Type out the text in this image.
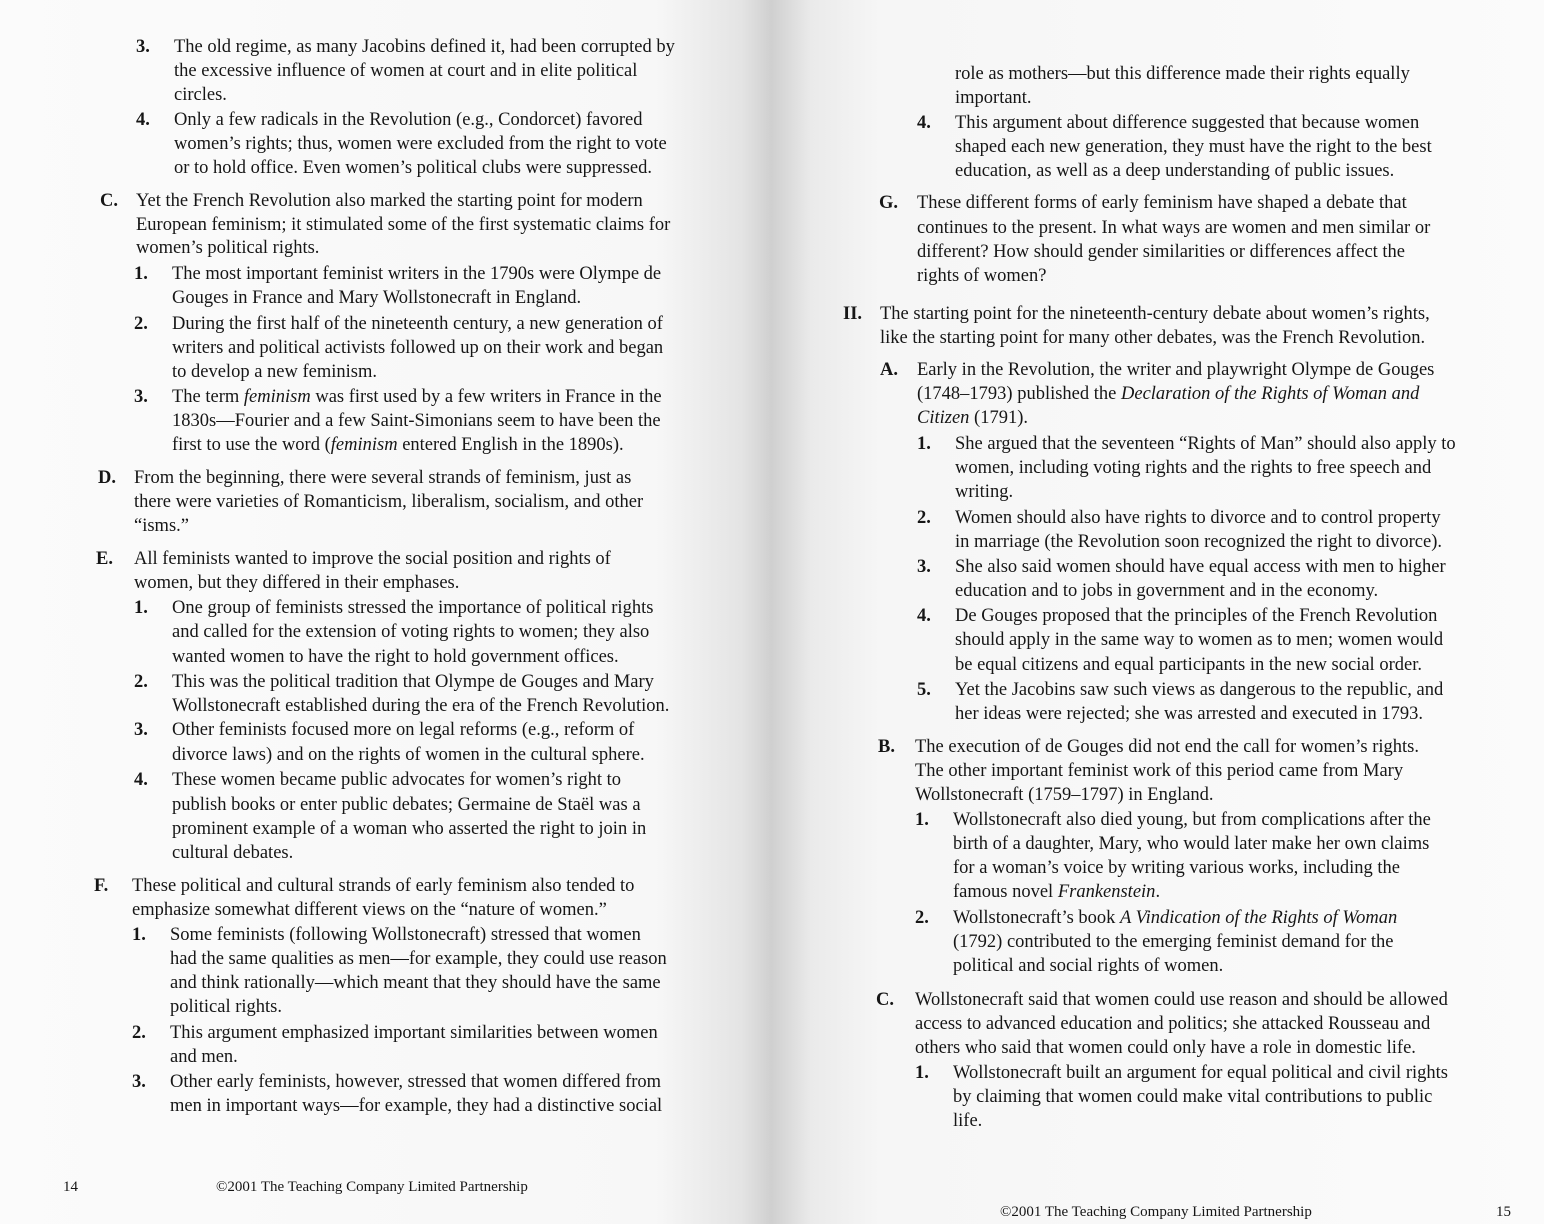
©2001 The Teaching Company Limited Partnership
14
3. The old regime, as many Jacobins defined it, had been corrupted by
the excessive influence of women at court and in elite political
circles.
4. Only a few radicals in the Revolution (e.g., Condorcet) favored
women’s rights; thus, women were excluded from the right to vote
or to hold office. Even women’s political clubs were suppressed.
C. Yet the French Revolution also marked the starting point for modern
European feminism; it stimulated some of the first systematic claims for
women’s political rights.
1. The most important feminist writers in the 1790s were Olympe de
Gouges in France and Mary Wollstonecraft in England.
2. During the first half of the nineteenth century, a new generation of
writers and political activists followed up on their work and began
to develop a new feminism.
3. The term feminism was first used by a few writers in France in the
1830s—Fourier and a few Saint-Simonians seem to have been the
first to use the word (feminism entered English in the 1890s).
D. From the beginning, there were several strands of feminism, just as
there were varieties of Romanticism, liberalism, socialism, and other
“isms.”
E. All feminists wanted to improve the social position and rights of
women, but they differed in their emphases.
1. One group of feminists stressed the importance of political rights
and called for the extension of voting rights to women; they also
wanted women to have the right to hold government offices.
2. This was the political tradition that Olympe de Gouges and Mary
Wollstonecraft established during the era of the French Revolution.
3. Other feminists focused more on legal reforms (e.g., reform of
divorce laws) and on the rights of women in the cultural sphere.
4. These women became public advocates for women’s right to
publish books or enter public debates; Germaine de Staël was a
prominent example of a woman who asserted the right to join in
cultural debates.
F. These political and cultural strands of early feminism also tended to
emphasize somewhat different views on the “nature of women.”
1. Some feminists (following Wollstonecraft) stressed that women
had the same qualities as men—for example, they could use reason
and think rationally—which meant that they should have the same
political rights.
2. This argument emphasized important similarities between women
and men.
3. Other early feminists, however, stressed that women differed from
men in important ways—for example, they had a distinctive social
©2001 The Teaching Company Limited Partnership	15
role as mothers—but this difference made their rights equally
important.
4. This argument about difference suggested that because women
shaped each new generation, they must have the right to the best
education, as well as a deep understanding of public issues.
G. These different forms of early feminism have shaped a debate that
continues to the present. In what ways are women and men similar or
different? How should gender similarities or differences affect the
rights of women?
II. The starting point for the nineteenth-century debate about women’s rights,
like the starting point for many other debates, was the French Revolution.
A. Early in the Revolution, the writer and playwright Olympe de Gouges
(1748–1793) published the Declaration of the Rights of Woman and
Citizen (1791).
1. She argued that the seventeen “Rights of Man” should also apply to
women, including voting rights and the rights to free speech and
writing.
2. Women should also have rights to divorce and to control property
in marriage (the Revolution soon recognized the right to divorce).
3. She also said women should have equal access with men to higher
education and to jobs in government and in the economy.
4. De Gouges proposed that the principles of the French Revolution
should apply in the same way to women as to men; women would
be equal citizens and equal participants in the new social order.
5. Yet the Jacobins saw such views as dangerous to the republic, and
her ideas were rejected; she was arrested and executed in 1793.
B. The execution of de Gouges did not end the call for women’s rights.
The other important feminist work of this period came from Mary
Wollstonecraft (1759–1797) in England.
1. Wollstonecraft also died young, but from complications after the
birth of a daughter, Mary, who would later make her own claims
for a woman’s voice by writing various works, including the
famous novel Frankenstein.
2. Wollstonecraft’s book A Vindication of the Rights of Woman
(1792) contributed to the emerging feminist demand for the
political and social rights of women.
C. Wollstonecraft said that women could use reason and should be allowed
access to advanced education and politics; she attacked Rousseau and
others who said that women could only have a role in domestic life.
1. Wollstonecraft built an argument for equal political and civil rights
by claiming that women could make vital contributions to public
life.
